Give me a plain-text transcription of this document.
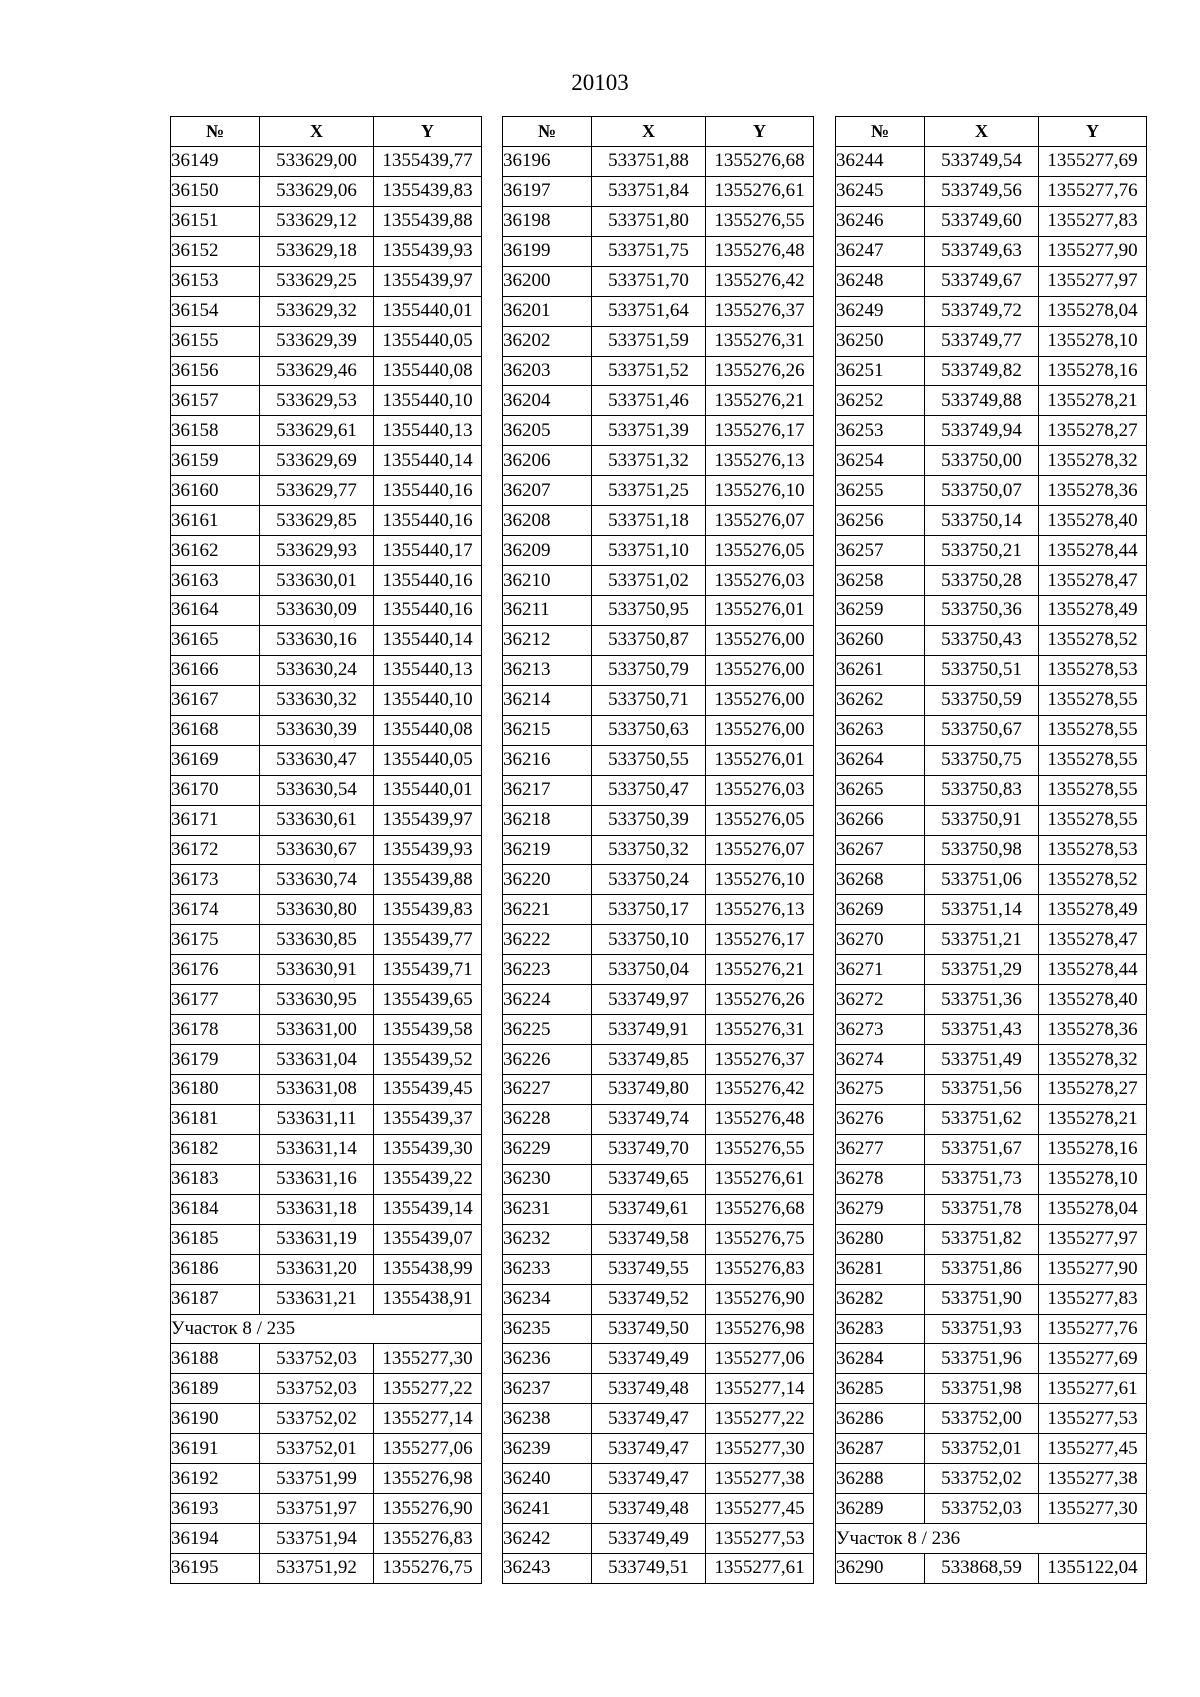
20103
№	X	Y
36149	533629,00	1355439,77
36150	533629,06	1355439,83
36151	533629,12	1355439,88
36152	533629,18	1355439,93
36153	533629,25	1355439,97
36154	533629,32	1355440,01
36155	533629,39	1355440,05
36156	533629,46	1355440,08
36157	533629,53	1355440,10
36158	533629,61	1355440,13
36159	533629,69	1355440,14
36160	533629,77	1355440,16
36161	533629,85	1355440,16
36162	533629,93	1355440,17
36163	533630,01	1355440,16
36164	533630,09	1355440,16
36165	533630,16	1355440,14
36166	533630,24	1355440,13
36167	533630,32	1355440,10
36168	533630,39	1355440,08
36169	533630,47	1355440,05
36170	533630,54	1355440,01
36171	533630,61	1355439,97
36172	533630,67	1355439,93
36173	533630,74	1355439,88
36174	533630,80	1355439,83
36175	533630,85	1355439,77
36176	533630,91	1355439,71
36177	533630,95	1355439,65
36178	533631,00	1355439,58
36179	533631,04	1355439,52
36180	533631,08	1355439,45
36181	533631,11	1355439,37
36182	533631,14	1355439,30
36183	533631,16	1355439,22
36184	533631,18	1355439,14
36185	533631,19	1355439,07
36186	533631,20	1355438,99
36187	533631,21	1355438,91
Участок 8 / 235		
36188	533752,03	1355277,30
36189	533752,03	1355277,22
36190	533752,02	1355277,14
36191	533752,01	1355277,06
36192	533751,99	1355276,98
36193	533751,97	1355276,90
36194	533751,94	1355276,83
36195	533751,92	1355276,75
№	X	Y
36196	533751,88	1355276,68
36197	533751,84	1355276,61
36198	533751,80	1355276,55
36199	533751,75	1355276,48
36200	533751,70	1355276,42
36201	533751,64	1355276,37
36202	533751,59	1355276,31
36203	533751,52	1355276,26
36204	533751,46	1355276,21
36205	533751,39	1355276,17
36206	533751,32	1355276,13
36207	533751,25	1355276,10
36208	533751,18	1355276,07
36209	533751,10	1355276,05
36210	533751,02	1355276,03
36211	533750,95	1355276,01
36212	533750,87	1355276,00
36213	533750,79	1355276,00
36214	533750,71	1355276,00
36215	533750,63	1355276,00
36216	533750,55	1355276,01
36217	533750,47	1355276,03
36218	533750,39	1355276,05
36219	533750,32	1355276,07
36220	533750,24	1355276,10
36221	533750,17	1355276,13
36222	533750,10	1355276,17
36223	533750,04	1355276,21
36224	533749,97	1355276,26
36225	533749,91	1355276,31
36226	533749,85	1355276,37
36227	533749,80	1355276,42
36228	533749,74	1355276,48
36229	533749,70	1355276,55
36230	533749,65	1355276,61
36231	533749,61	1355276,68
36232	533749,58	1355276,75
36233	533749,55	1355276,83
36234	533749,52	1355276,90
36235	533749,50	1355276,98
36236	533749,49	1355277,06
36237	533749,48	1355277,14
36238	533749,47	1355277,22
36239	533749,47	1355277,30
36240	533749,47	1355277,38
36241	533749,48	1355277,45
36242	533749,49	1355277,53
36243	533749,51	1355277,61
№	X	Y
36244	533749,54	1355277,69
36245	533749,56	1355277,76
36246	533749,60	1355277,83
36247	533749,63	1355277,90
36248	533749,67	1355277,97
36249	533749,72	1355278,04
36250	533749,77	1355278,10
36251	533749,82	1355278,16
36252	533749,88	1355278,21
36253	533749,94	1355278,27
36254	533750,00	1355278,32
36255	533750,07	1355278,36
36256	533750,14	1355278,40
36257	533750,21	1355278,44
36258	533750,28	1355278,47
36259	533750,36	1355278,49
36260	533750,43	1355278,52
36261	533750,51	1355278,53
36262	533750,59	1355278,55
36263	533750,67	1355278,55
36264	533750,75	1355278,55
36265	533750,83	1355278,55
36266	533750,91	1355278,55
36267	533750,98	1355278,53
36268	533751,06	1355278,52
36269	533751,14	1355278,49
36270	533751,21	1355278,47
36271	533751,29	1355278,44
36272	533751,36	1355278,40
36273	533751,43	1355278,36
36274	533751,49	1355278,32
36275	533751,56	1355278,27
36276	533751,62	1355278,21
36277	533751,67	1355278,16
36278	533751,73	1355278,10
36279	533751,78	1355278,04
36280	533751,82	1355277,97
36281	533751,86	1355277,90
36282	533751,90	1355277,83
36283	533751,93	1355277,76
36284	533751,96	1355277,69
36285	533751,98	1355277,61
36286	533752,00	1355277,53
36287	533752,01	1355277,45
36288	533752,02	1355277,38
36289	533752,03	1355277,30
Участок 8 / 236		
36290	533868,59	1355122,04
